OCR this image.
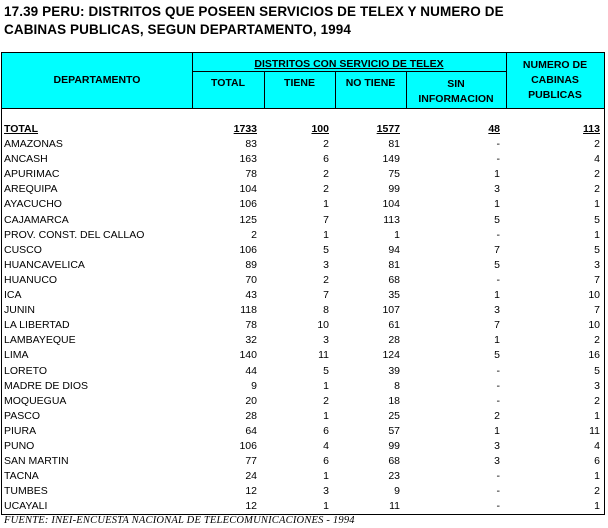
17.39 PERU: DISTRITOS QUE POSEEN SERVICIOS DE TELEX Y NUMERO DE
CABINAS PUBLICAS, SEGUN DEPARTAMENTO, 1994
DEPARTAMENTO
DISTRITOS CON SERVICIO DE TELEX
TOTAL	TIENE	NO TIENE	SIN INFORMACION
NUMERO DE CABINAS PUBLICAS
TOTAL	1733	100	1577	48	113
AMAZONAS	83	2	81	-	2
ANCASH	163	6	149	-	4
APURIMAC	78	2	75	1	2
AREQUIPA	104	2	99	3	2
AYACUCHO	106	1	104	1	1
CAJAMARCA	125	7	113	5	5
PROV. CONST. DEL CALLAO	2	1	1	-	1
CUSCO	106	5	94	7	5
HUANCAVELICA	89	3	81	5	3
HUANUCO	70	2	68	-	7
ICA	43	7	35	1	10
JUNIN	118	8	107	3	7
LA LIBERTAD	78	10	61	7	10
LAMBAYEQUE	32	3	28	1	2
LIMA	140	11	124	5	16
LORETO	44	5	39	-	5
MADRE DE DIOS	9	1	8	-	3
MOQUEGUA	20	2	18	-	2
PASCO	28	1	25	2	1
PIURA	64	6	57	1	11
PUNO	106	4	99	3	4
SAN MARTIN	77	6	68	3	6
TACNA	24	1	23	-	1
TUMBES	12	3	9	-	2
UCAYALI	12	1	11	-	1
FUENTE: INEI-ENCUESTA NACIONAL DE TELECOMUNICACIONES - 1994
